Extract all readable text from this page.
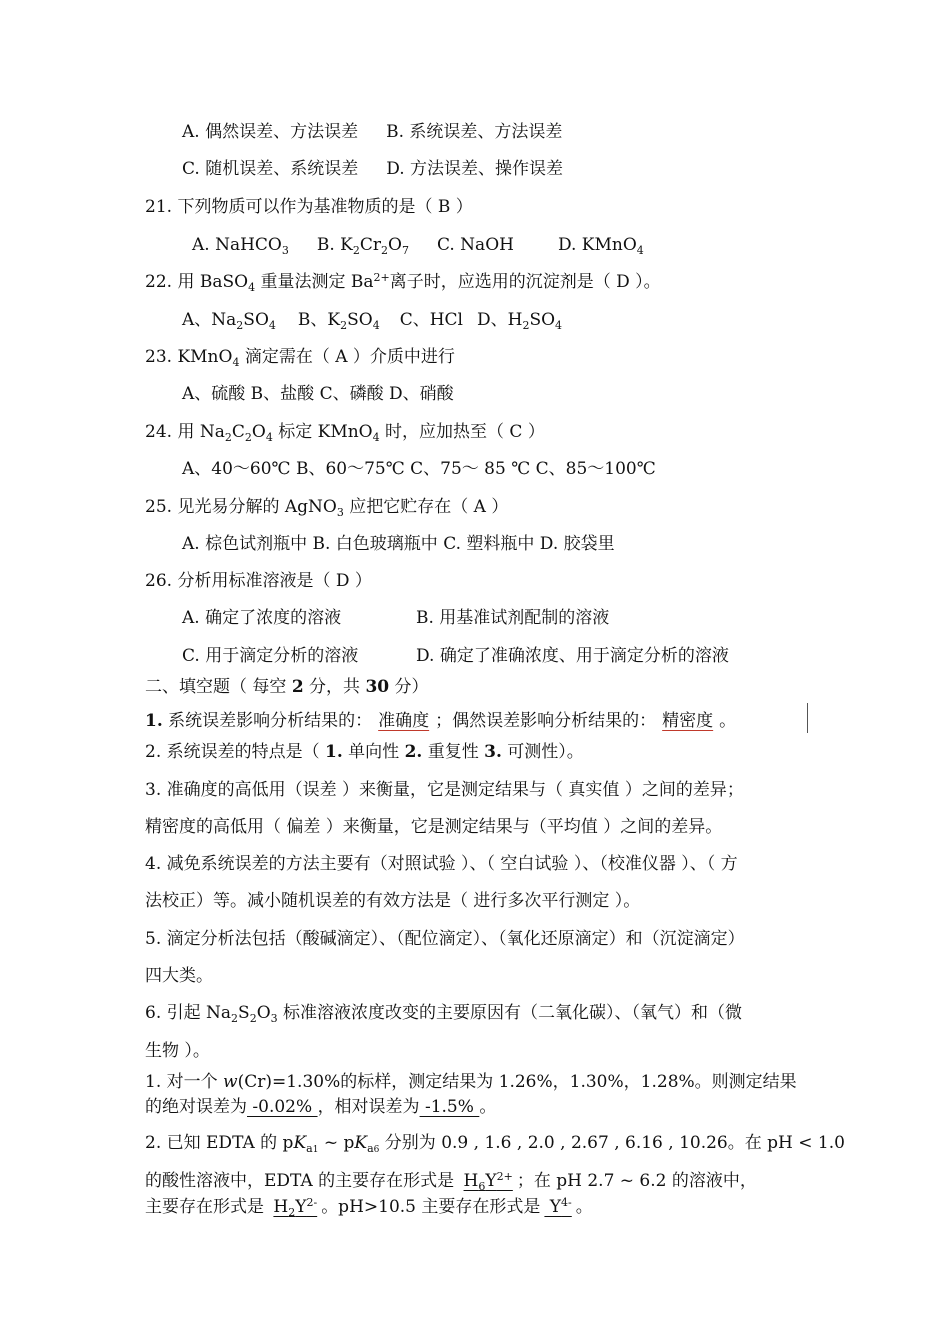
A. 偶然误差、方法误差 B. 系统误差、方法误差
C. 随机误差、系统误差 D. 方法误差、操作误差
21. 下列物质可以作为基准物质的是（ B ）
A. NaHCO$_3$ B. $K_2Cr_2O_7$ C. NaOH	D. KMnO$_4$
22. 用 BaSO$_4$ 重量法测定 $Ba^{2+}$离子时，应选用的沉淀剂是（ D ）。
A、$Na_2SO_4$ B、$K_2SO_4$ C、HCl D、$H_2SO_4$
23. KMnO$_4$ 滴定需在（ A ）介质中进行
A、硫酸 B、盐酸 C、磷酸 D、硝酸
24. 用 $Na_2C_2O_4$ 标定 KMnO$_4$ 时，应加热至（ C ）
A、40～60℃ B、60～75℃ C、75～ 85 ℃ C、85～100℃
25. 见光易分解的 AgNO$_3$ 应把它贮存在（ A ）
A. 棕色试剂瓶中 B. 白色玻璃瓶中 C. 塑料瓶中 D. 胶袋里
26. 分析用标准溶液是（ D ）
A. 确定了浓度的溶液	B. 用基准试剂配制的溶液
C. 用于滴定分析的溶液	D. 确定了准确浓度、用于滴定分析的溶液
二、填空题（ 每空 2 分，共 30 分）
1. 系统误差影响分析结果的： 准确度 ；偶然误差影响分析结果的： 精密度 。
2. 系统误差的特点是（ 1. 单向性 2. 重复性 3. 可测性）。
3. 准确度的高低用（误差 ）来衡量，它是测定结果与（ 真实值 ）之间的差异；
精密度的高低用（ 偏差 ）来衡量，它是测定结果与（平均值 ）之间的差异。
4. 减免系统误差的方法主要有（对照试验 ）、（ 空白试验 ）、（校准仪器 ）、（ 方
法校正）等。减小随机误差的有效方法是（ 进行多次平行测定 ）。
5. 滴定分析法包括（酸碱滴定）、（配位滴定）、（氧化还原滴定）和（沉淀滴定）
四大类。
6. 引起 $Na_2S_2O_3$ 标准溶液浓度改变的主要原因有（二氧化碳）、（氧气）和（微
生物 ）。
1. 对一个 w(Cr)=1.30%的标样，测定结果为 1.26%，1.30%，1.28%。则测定结果
的绝对误差为 -0.02% ，相对误差为 -1.5% 。
2. 已知 EDTA 的 $pK_{a1}$ ~ $pK_{a6}$ 分别为 0.9 , 1.6 , 2.0 , 2.67 , 6.16 , 10.26。在 pH < 1.0
的酸性溶液中，EDTA 的主要存在形式是 $H_6Y^{2+}$ ；在 pH 2.7 ~ 6.2 的溶液中，
主要存在形式是 $H_2Y^{2-}$ 。pH>10.5 主要存在形式是 $Y^{4-}$ 。
